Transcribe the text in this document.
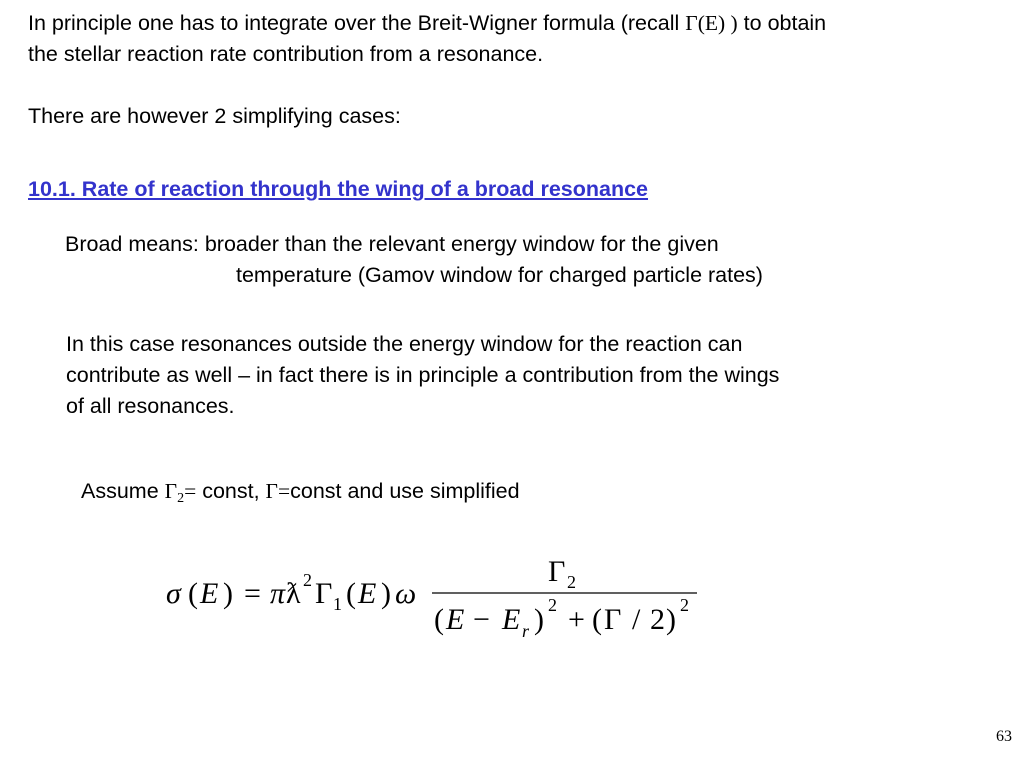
In principle one has to integrate over the Breit-Wigner formula (recall Γ(E) ) to obtain

the stellar reaction rate contribution from a resonance.

There are however 2 simplifying cases:

10.1. Rate of reaction through the wing of a broad resonance

Broad means: broader than the relevant energy window for the given

temperature (Gamov window for charged particle rates)

In this case resonances outside the energy window for the reaction can

contribute as well – in fact there is in principle a contribution from the wings

of all resonances.

Assume Γ2= const, Γ=const and use simplified

σ ( E ) = π ƛ 2 Γ 1 ( E ) ω
Γ 2
( E − E r ) 2 + ( Γ / 2 ) 2

63
